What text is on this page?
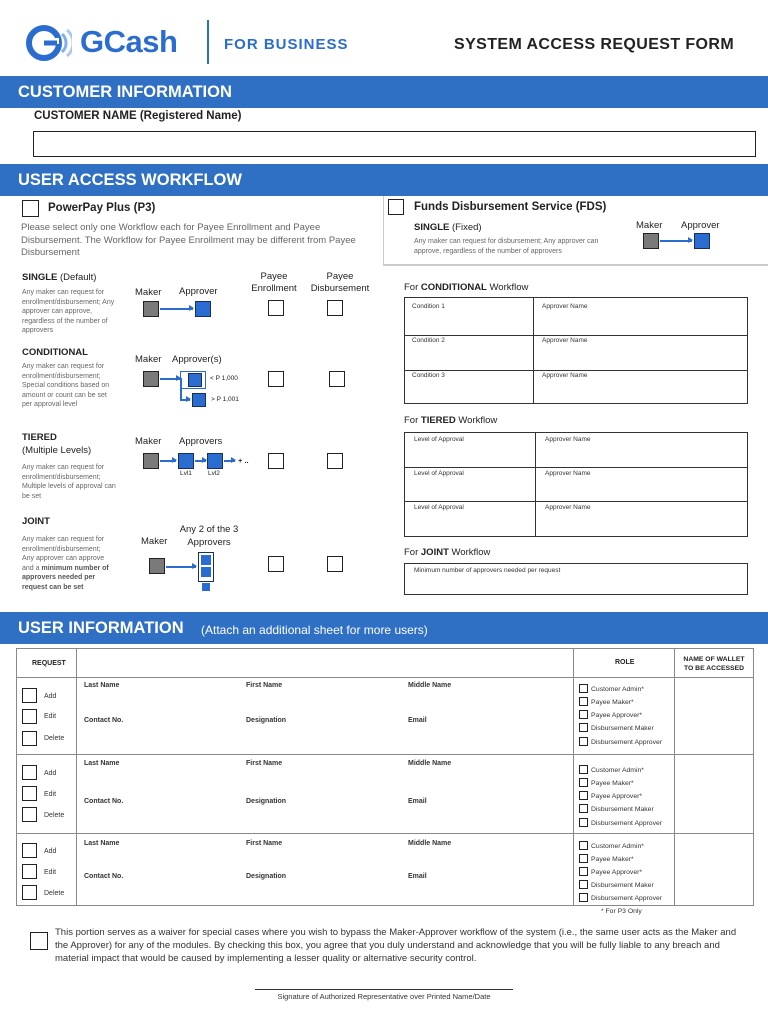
GCash	FOR BUSINESS	SYSTEM ACCESS REQUEST FORM
CUSTOMER INFORMATION
CUSTOMER NAME (Registered Name)
USER ACCESS WORKFLOW
PowerPay Plus (P3)
Please select only one Workflow each for Payee Enrollment and Payee Disbursement. The Workflow for Payee Enrollment may be different from Payee Disbursement
Payee
Enrollment
Payee
Disbursement
SINGLE (Default)
Any maker can request for enrollment/disbursement; Any approver can approve, regardless of the number of approvers
Maker Approver
CONDITIONAL
Any maker can request for enrollment/disbursement; Special conditions based on amount or count can be set per approval level
Maker Approver(s)
< P 1,000
> P 1,001
TIERED
(Multiple Levels)
Any maker can request for enrollment/disbursement; Multiple levels of approval can be set
Maker Approvers
+ ..
Lvl1 Lvl2
JOINT
Any maker can request for enrollment/disbursement; Any approver can approve and a minimum number of approvers needed per request can be set
Maker
Any 2 of the 3
Approvers
Funds Disbursement Service (FDS)
SINGLE (Fixed)
Any maker can request for disbursement; Any approver can approve, regardless of the number of approvers
Maker Approver
For CONDITIONAL Workflow
Condition 1	Approver Name
Condition 2	Approver Name
Condition 3	Approver Name
For TIERED Workflow
Level of Approval	Approver Name
Level of Approval	Approver Name
Level of Approval	Approver Name
For JOINT Workflow
Minimum number of approvers needed per request
USER INFORMATION (Attach an additional sheet for more users)
REQUEST	ROLE	NAME OF WALLET
TO BE ACCESSED
Add
Edit
Delete
Last Name	First Name	Middle Name
Contact No.	Designation	Email
Customer Admin*
Payee Maker*
Payee Approver*
Disbursement Maker
Disbursement Approver
Add
Edit
Delete
Last Name	First Name	Middle Name
Contact No.	Designation	Email
Customer Admin*
Payee Maker*
Payee Approver*
Disbursement Maker
Disbursement Approver
Add
Edit
Delete
Last Name	First Name	Middle Name
Contact No.	Designation	Email
Customer Admin*
Payee Maker*
Payee Approver*
Disbursement Maker
Disbursement Approver
* For P3 Only
This portion serves as a waiver for special cases where you wish to bypass the Maker-Approver workflow of the system (i.e., the same user acts as the Maker and the Approver) for any of the modules. By checking this box, you agree that you duly understand and acknowledge that you will be fully liable to any breach and material impact that would be caused by implementing a lesser quality or alternative security control.
Signature of Authorized Representative over Printed Name/Date
